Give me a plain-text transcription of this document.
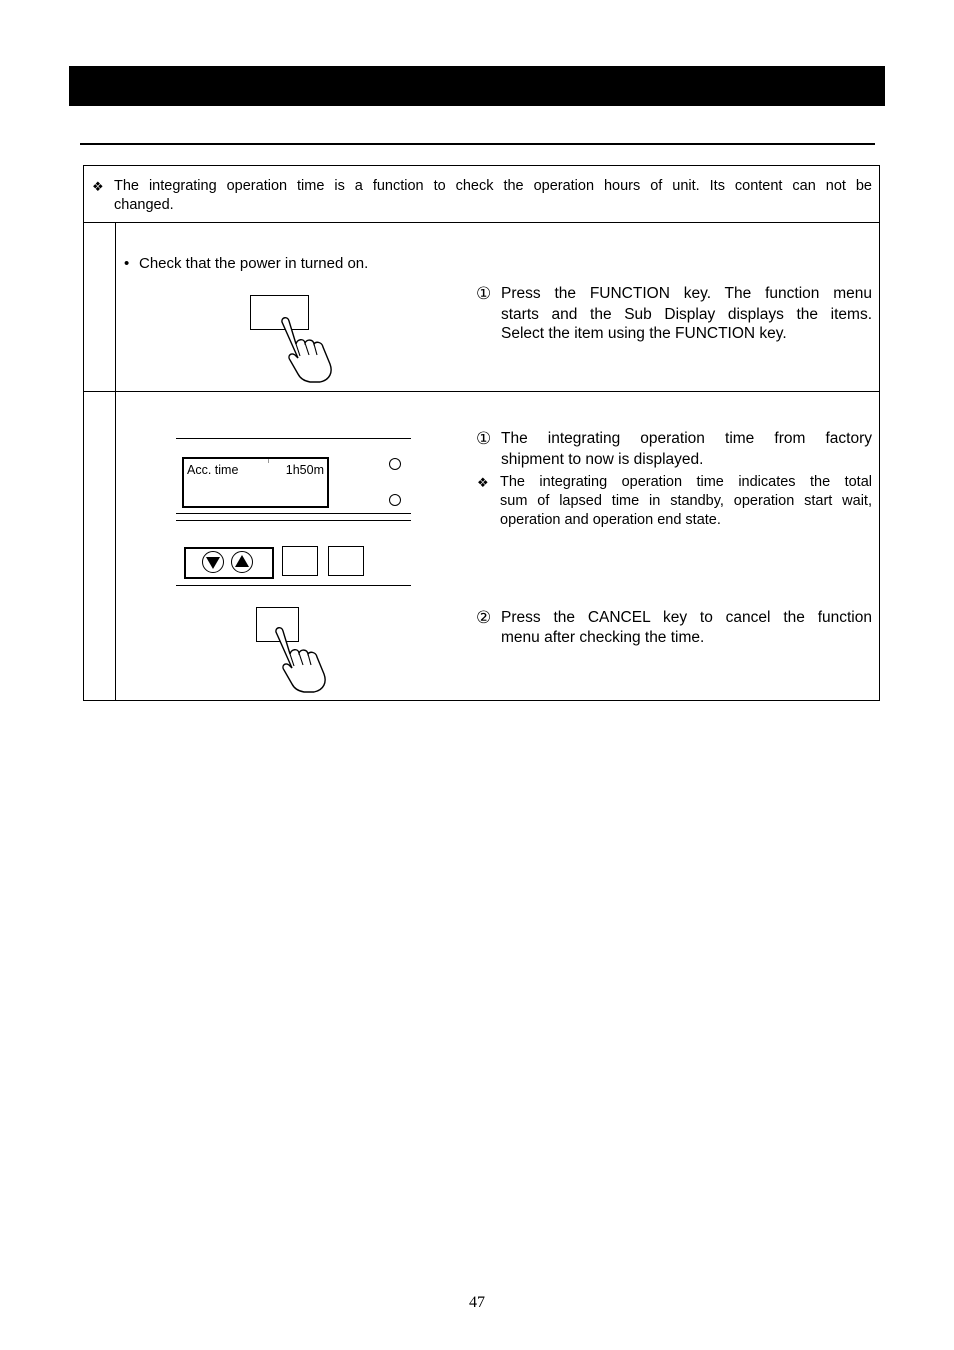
❖ The integrating operation time is a function to check the operation hours of unit. Its content can not be
changed.
• Check that the power in turned on.
① Press the FUNCTION key. The function menu
starts and the Sub Display displays the items.
Select the item using the FUNCTION key.
Acc. time	1h50m
① The integrating operation time from factory
shipment to now is displayed.
❖ The integrating operation time indicates the total
sum of lapsed time in standby, operation start wait,
operation and operation end state.
② Press the CANCEL key to cancel the function
menu after checking the time.
47
